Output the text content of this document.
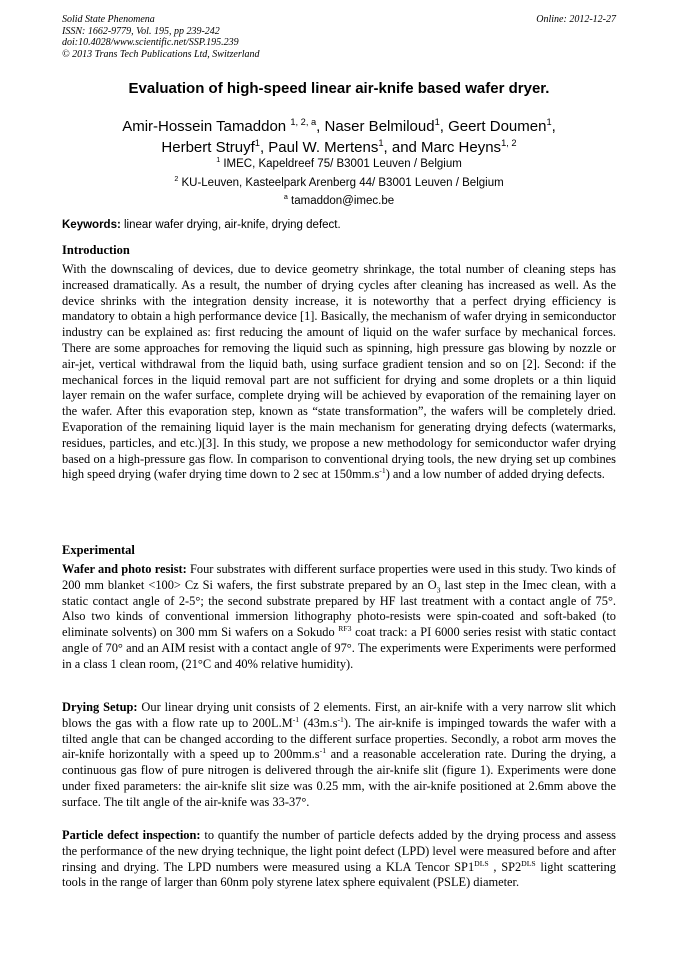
Solid State Phenomena
ISSN: 1662-9779, Vol. 195, pp 239-242
doi:10.4028/www.scientific.net/SSP.195.239
© 2013 Trans Tech Publications Ltd, Switzerland
Online: 2012-12-27
Evaluation of high-speed linear air-knife based wafer dryer.
Amir-Hossein Tamaddon $^{1, 2, a}$, Naser Belmiloud$^1$, Geert Doumen$^1$,
Herbert Struyf$^1$, Paul W. Mertens$^1$, and Marc Heyns$^{1, 2}$
$^1$ IMEC, Kapeldreef 75/ B3001 Leuven / Belgium
$^2$ KU-Leuven, Kasteelpark Arenberg 44/ B3001 Leuven / Belgium
$^a$ tamaddon@imec.be
Keywords: linear wafer drying, air-knife, drying defect.
Introduction
With the downscaling of devices, due to device geometry shrinkage, the total number of cleaning steps has increased dramatically. As a result, the number of drying cycles after cleaning has increased as well. As the device shrinks with the integration density increase, it is noteworthy that a perfect drying efficiency is mandatory to obtain a high performance device [1]. Basically, the mechanism of wafer drying in semiconductor industry can be explained as: first reducing the amount of liquid on the wafer surface by mechanical forces. There are some approaches for removing the liquid such as spinning, high pressure gas blowing by nozzle or air-jet, vertical withdrawal from the liquid bath, using surface gradient tension and so on [2]. Second: if the mechanical forces in the liquid removal part are not sufficient for drying and some droplets or a thin liquid layer remain on the wafer surface, complete drying will be achieved by evaporation of the remaining layer on the wafer. After this evaporation step, known as “state transformation”, the wafers will be completely dried. Evaporation of the remaining liquid layer is the main mechanism for generating drying defects (watermarks, residues, particles, and etc.)[3]. In this study, we propose a new methodology for semiconductor wafer drying based on a high-pressure gas flow. In comparison to conventional drying tools, the new drying set up combines high speed drying (wafer drying time down to 2 sec at $150mm.s^{-1}$) and a low number of added drying defects.
Experimental
Wafer and photo resist: Four substrates with different surface properties were used in this study. Two kinds of 200 mm blanket <100> Cz Si wafers, the first substrate prepared by an $O_3$ last step in the Imec clean, with a static contact angle of 2-5°; the second substrate prepared by HF last treatment with a contact angle of 75°. Also two kinds of conventional immersion lithography photo-resists were spin-coated and soft-baked (to eliminate solvents) on 300 mm Si wafers on a Sokudo $^{RF3}$ coat track: a PI 6000 series resist with static contact angle of 70° and an AIM resist with a contact angle of 97°. The experiments were Experiments were performed in a class 1 clean room, (21°C and 40% relative humidity).
Drying Setup: Our linear drying unit consists of 2 elements. First, an air-knife with a very narrow slit which blows the gas with a flow rate up to $200L.M^{-1}$ $(43m.s^{-1})$. The air-knife is impinged towards the wafer with a tilted angle that can be changed according to the different surface properties. Secondly, a robot arm moves the air-knife horizontally with a speed up to $200mm.s^{-1}$ and a reasonable acceleration rate. During the drying, a continuous gas flow of pure nitrogen is delivered through the air-knife slit (figure 1). Experiments were done under fixed parameters: the air-knife slit size was 0.25 mm, with the air-knife positioned at 2.6mm above the surface. The tilt angle of the air-knife was 33-37°.
Particle defect inspection: to quantify the number of particle defects added by the drying process and assess the performance of the new drying technique, the light point defect (LPD) level were measured before and after rinsing and drying. The LPD numbers were measured using a KLA Tencor $SP1^{DLS}$ , $SP2^{DLS}$ light scattering tools in the range of larger than 60nm poly styrene latex sphere equivalent (PSLE) diameter.
